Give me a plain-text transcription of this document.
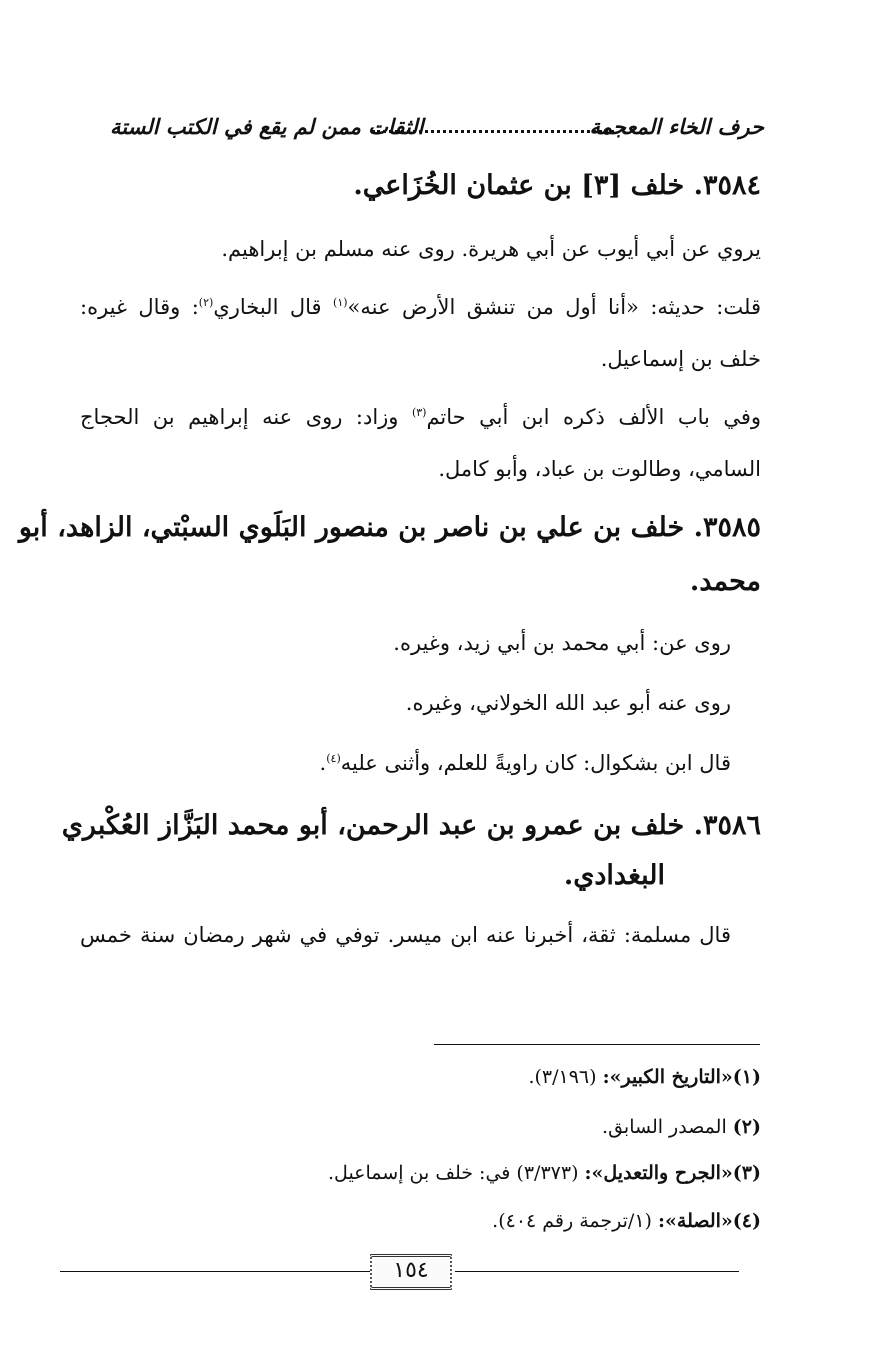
الثقات ممن لم يقع في الكتب الستة	حرف الخاء المعجمة
٣٥٨٤. خلف [٣] بن عثمان الخُزَاعي.
يروي عن أبي أيوب عن أبي هريرة. روى عنه مسلم بن إبراهيم.
قلت: حديثه: «أنا أول من تنشق الأرض عنه»$^{(١)}$ قال البخاري$^{(٢)}$: وقال غيره:
خلف بن إسماعيل.
وفي باب الألف ذكره ابن أبي حاتم$^{(٣)}$ وزاد: روى عنه إبراهيم بن الحجاج
السامي، وطالوت بن عباد، وأبو كامل.
٣٥٨٥. خلف بن علي بن ناصر بن منصور البَلَوي السبْتي، الزاهد، أبو
محمد.
روى عن: أبي محمد بن أبي زيد، وغيره.
روى عنه أبو عبد الله الخولاني، وغيره.
قال ابن بشكوال: كان راويةً للعلم، وأثنى عليه$^{(٤)}$.
٣٥٨٦. خلف بن عمرو بن عبد الرحمن، أبو محمد البَزَّاز العُكْبري
البغدادي.
قال مسلمة: ثقة، أخبرنا عنه ابن ميسر. توفي في شهر رمضان سنة خمس
(١)«التاريخ الكبير»: (٣/١٩٦).
(٢) المصدر السابق.
(٣)«الجرح والتعديل»: (٣/٣٧٣) في: خلف بن إسماعيل.
(٤)«الصلة»: (١/ترجمة رقم ٤٠٤).
١٥٤
